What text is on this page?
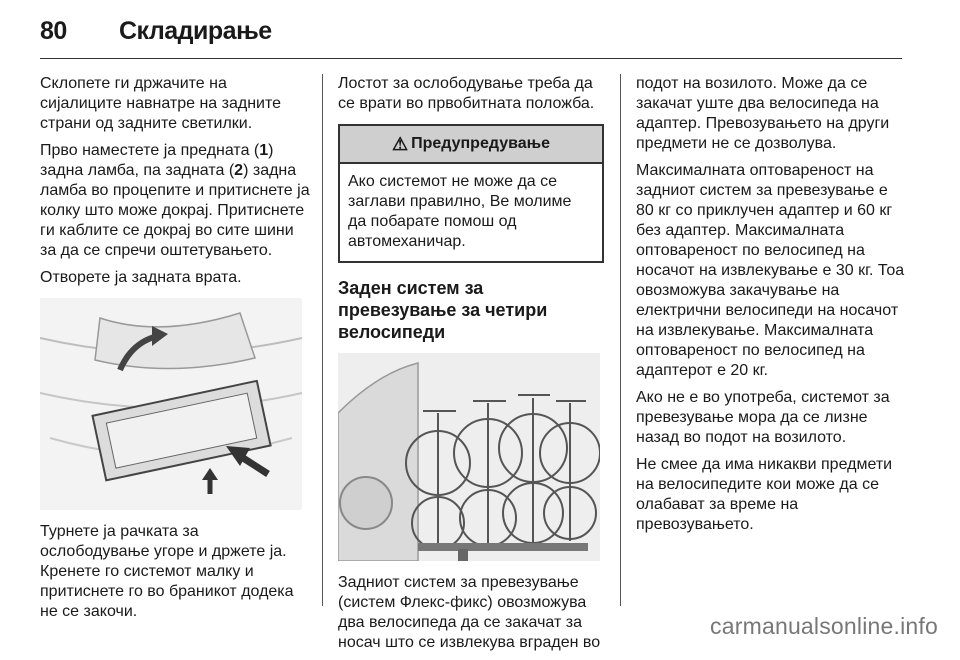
80 Складирање

Склопете ги држачите на сијалиците навнатре на задните страни од задните светилки.

Прво наместете ја предната (1) задна ламба, па задната (2) задна ламба во процепите и притиснете ја колку што може докрај. Притиснете ги каблите се докрај во сите шини за да се спречи оштетувањето.

Отворете ја задната врата.

Турнете ја рачката за ослободување угоре и држете ја. Кренете го системот малку и притиснете го во браникот додека не се закочи.

Лостот за ослободување треба да се врати во првобитната положба.

⚠ Предупредување
Ако системот не може да се заглави правилно, Ве молиме да побарате помош од автомеханичар.
Заден систем за превезување за четири велосипеди

Задниот систем за превезување (систем Флекс-фикс) овозможува два велосипеда да се закачат за носач што се извлекува вграден во

подот на возилото. Може да се закачат уште два велосипеда на адаптер. Превозувањето на други предмети не се дозволува.

Максималната оптовареност на задниот систем за превезување е 80 кг со приклучен адаптер и 60 кг без адаптер. Максималната оптовареност по велосипед на носачот на извлекување е 30 кг. Тоа овозможува закачување на електрични велосипеди на носачот на извлекување. Максималната оптовареност по велосипед на адаптерот е 20 кг.

Ако не е во употреба, системот за превезување мора да се лизне назад во подот на возилото.

Не смее да има никакви предмети на велосипедите кои може да се олабават за време на превозувањето.

carmanualsonline.info
